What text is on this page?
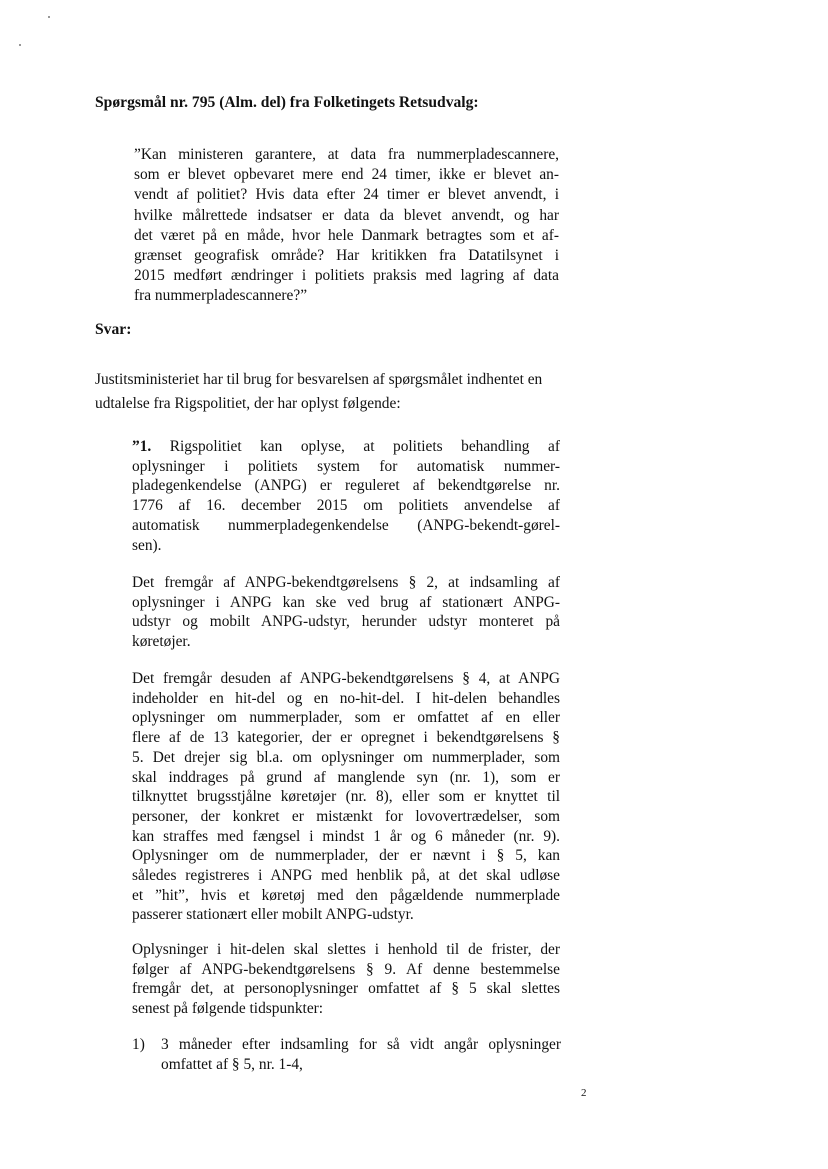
Spørgsmål nr. 795 (Alm. del) fra Folketingets Retsudvalg:
”Kan ministeren garantere, at data fra nummerpladescannere,
som er blevet opbevaret mere end 24 timer, ikke er blevet an-
vendt af politiet? Hvis data efter 24 timer er blevet anvendt, i
hvilke målrettede indsatser er data da blevet anvendt, og har
det været på en måde, hvor hele Danmark betragtes som et af-
grænset geografisk område? Har kritikken fra Datatilsynet i
2015 medført ændringer i politiets praksis med lagring af data
fra nummerpladescannere?”
Svar:
Justitsministeriet har til brug for besvarelsen af spørgsmålet indhentet en
udtalelse fra Rigspolitiet, der har oplyst følgende:
”1. Rigspolitiet kan oplyse, at politiets behandling af
oplysninger i politiets system for automatisk nummer-
pladegenkendelse (ANPG) er reguleret af bekendtgørelse nr.
1776 af 16. december 2015 om politiets anvendelse af
automatisk nummerpladegenkendelse (ANPG-bekendt-gørel-
sen).
Det fremgår af ANPG-bekendtgørelsens § 2, at indsamling af
oplysninger i ANPG kan ske ved brug af stationært ANPG-
udstyr og mobilt ANPG-udstyr, herunder udstyr monteret på
køretøjer.
Det fremgår desuden af ANPG-bekendtgørelsens § 4, at ANPG
indeholder en hit-del og en no-hit-del. I hit-delen behandles
oplysninger om nummerplader, som er omfattet af en eller
flere af de 13 kategorier, der er opregnet i bekendtgørelsens §
5. Det drejer sig bl.a. om oplysninger om nummerplader, som
skal inddrages på grund af manglende syn (nr. 1), som er
tilknyttet brugsstjålne køretøjer (nr. 8), eller som er knyttet til
personer, der konkret er mistænkt for lovovertrædelser, som
kan straffes med fængsel i mindst 1 år og 6 måneder (nr. 9).
Oplysninger om de nummerplader, der er nævnt i § 5, kan
således registreres i ANPG med henblik på, at det skal udløse
et ”hit”, hvis et køretøj med den pågældende nummerplade
passerer stationært eller mobilt ANPG-udstyr.
Oplysninger i hit-delen skal slettes i henhold til de frister, der
følger af ANPG-bekendtgørelsens § 9. Af denne bestemmelse
fremgår det, at personoplysninger omfattet af § 5 skal slettes
senest på følgende tidspunkter:
1) 3 måneder efter indsamling for så vidt angår oplysninger
omfattet af § 5, nr. 1-4,
2
